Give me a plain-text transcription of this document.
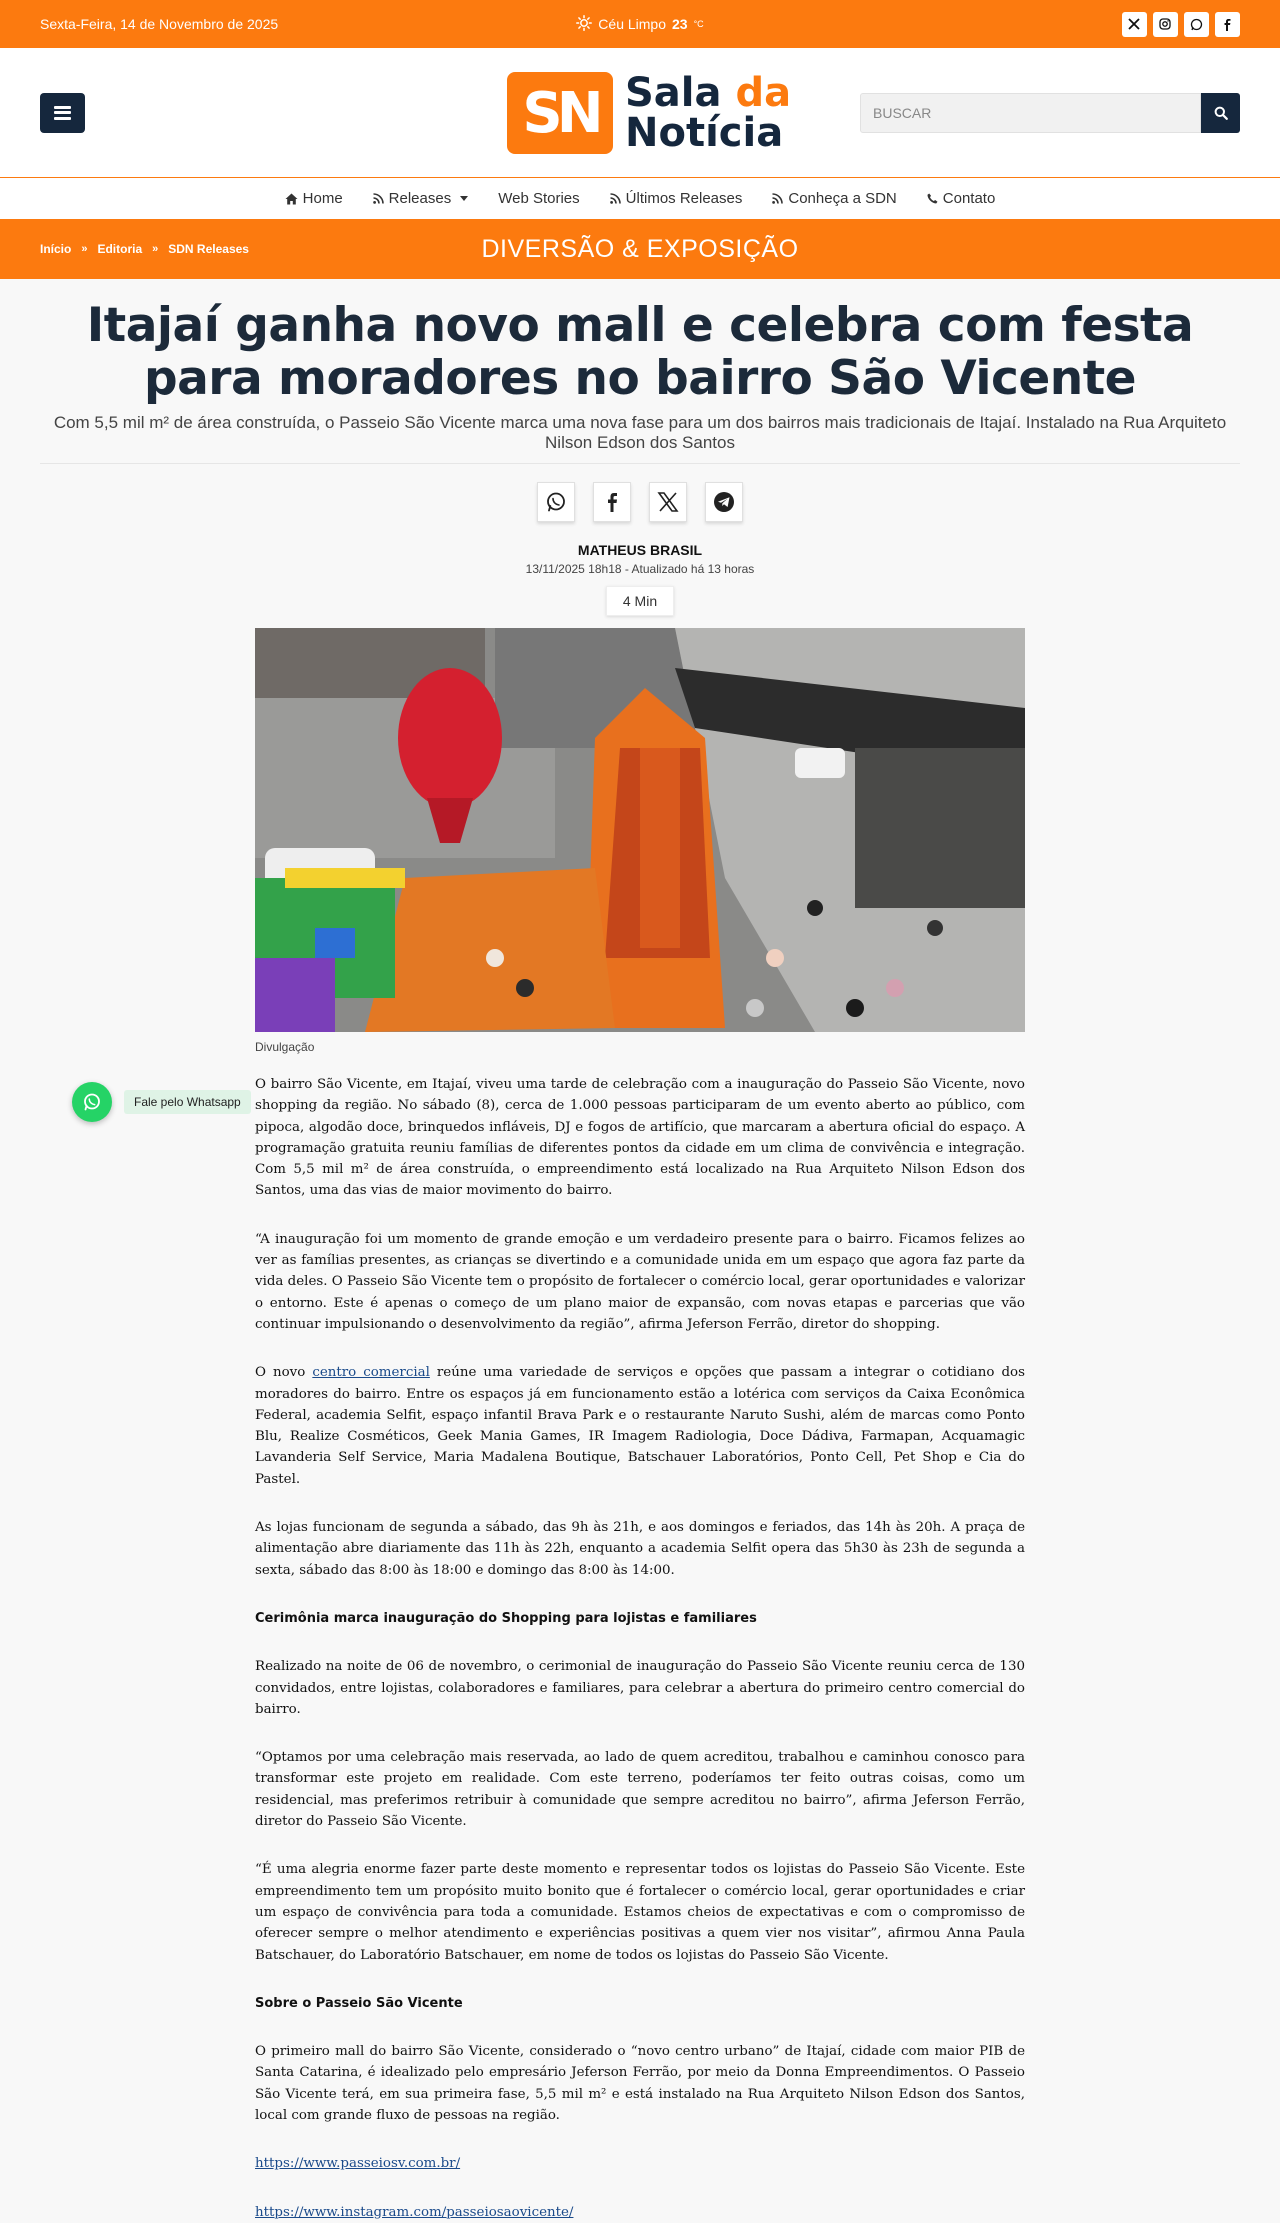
Sexta-Feira, 14 de Novembro de 2025	Céu Limpo 23 °C
BUSCAR
SN Sala da
Notícia
Home	Releases	Web Stories	Últimos Releases	Conheça a SDN	Contato
Início » Editoria » SDN Releases	DIVERSÃO & EXPOSIÇÃO
Itajaí ganha novo mall e celebra com festa para moradores no bairro São Vicente
Com 5,5 mil m² de área construída, o Passeio São Vicente marca uma nova fase para um dos bairros mais tradicionais de Itajaí. Instalado na Rua Arquiteto Nilson Edson dos Santos
MATHEUS BRASIL
13/11/2025 18h18 - Atualizado há 13 horas
4 Min
Divulgação

O bairro São Vicente, em Itajaí, viveu uma tarde de celebração com a inauguração do Passeio São Vicente, novo shopping da região. No sábado (8), cerca de 1.000 pessoas participaram de um evento aberto ao público, com pipoca, algodão doce, brinquedos infláveis, DJ e fogos de artifício, que marcaram a abertura oficial do espaço. A programação gratuita reuniu famílias de diferentes pontos da cidade em um clima de convivência e integração. Com 5,5 mil m² de área construída, o empreendimento está localizado na Rua Arquiteto Nilson Edson dos Santos, uma das vias de maior movimento do bairro.

“A inauguração foi um momento de grande emoção e um verdadeiro presente para o bairro. Ficamos felizes ao ver as famílias presentes, as crianças se divertindo e a comunidade unida em um espaço que agora faz parte da vida deles. O Passeio São Vicente tem o propósito de fortalecer o comércio local, gerar oportunidades e valorizar o entorno. Este é apenas o começo de um plano maior de expansão, com novas etapas e parcerias que vão continuar impulsionando o desenvolvimento da região”, afirma Jeferson Ferrão, diretor do shopping.

O novo centro comercial reúne uma variedade de serviços e opções que passam a integrar o cotidiano dos moradores do bairro. Entre os espaços já em funcionamento estão a lotérica com serviços da Caixa Econômica Federal, academia Selfit, espaço infantil Brava Park e o restaurante Naruto Sushi, além de marcas como Ponto Blu, Realize Cosméticos, Geek Mania Games, IR Imagem Radiologia, Doce Dádiva, Farmapan, Acquamagic Lavanderia Self Service, Maria Madalena Boutique, Batschauer Laboratórios, Ponto Cell, Pet Shop e Cia do Pastel.

As lojas funcionam de segunda a sábado, das 9h às 21h, e aos domingos e feriados, das 14h às 20h. A praça de alimentação abre diariamente das 11h às 22h, enquanto a academia Selfit opera das 5h30 às 23h de segunda a sexta, sábado das 8:00 às 18:00 e domingo das 8:00 às 14:00.

Cerimônia marca inauguração do Shopping para lojistas e familiares

Realizado na noite de 06 de novembro, o cerimonial de inauguração do Passeio São Vicente reuniu cerca de 130 convidados, entre lojistas, colaboradores e familiares, para celebrar a abertura do primeiro centro comercial do bairro.

“Optamos por uma celebração mais reservada, ao lado de quem acreditou, trabalhou e caminhou conosco para transformar este projeto em realidade. Com este terreno, poderíamos ter feito outras coisas, como um residencial, mas preferimos retribuir à comunidade que sempre acreditou no bairro”, afirma Jeferson Ferrão, diretor do Passeio São Vicente.

“É uma alegria enorme fazer parte deste momento e representar todos os lojistas do Passeio São Vicente. Este empreendimento tem um propósito muito bonito que é fortalecer o comércio local, gerar oportunidades e criar um espaço de convivência para toda a comunidade. Estamos cheios de expectativas e com o compromisso de oferecer sempre o melhor atendimento e experiências positivas a quem vier nos visitar”, afirmou Anna Paula Batschauer, do Laboratório Batschauer, em nome de todos os lojistas do Passeio São Vicente.

Sobre o Passeio São Vicente

O primeiro mall do bairro São Vicente, considerado o “novo centro urbano” de Itajaí, cidade com maior PIB de Santa Catarina, é idealizado pelo empresário Jeferson Ferrão, por meio da Donna Empreendimentos. O Passeio São Vicente terá, em sua primeira fase, 5,5 mil m² e está instalado na Rua Arquiteto Nilson Edson dos Santos, local com grande fluxo de pessoas na região.

https://www.passeiosv.com.br/

https://www.instagram.com/passeiosaovicente/

Fale pelo Whatsapp
